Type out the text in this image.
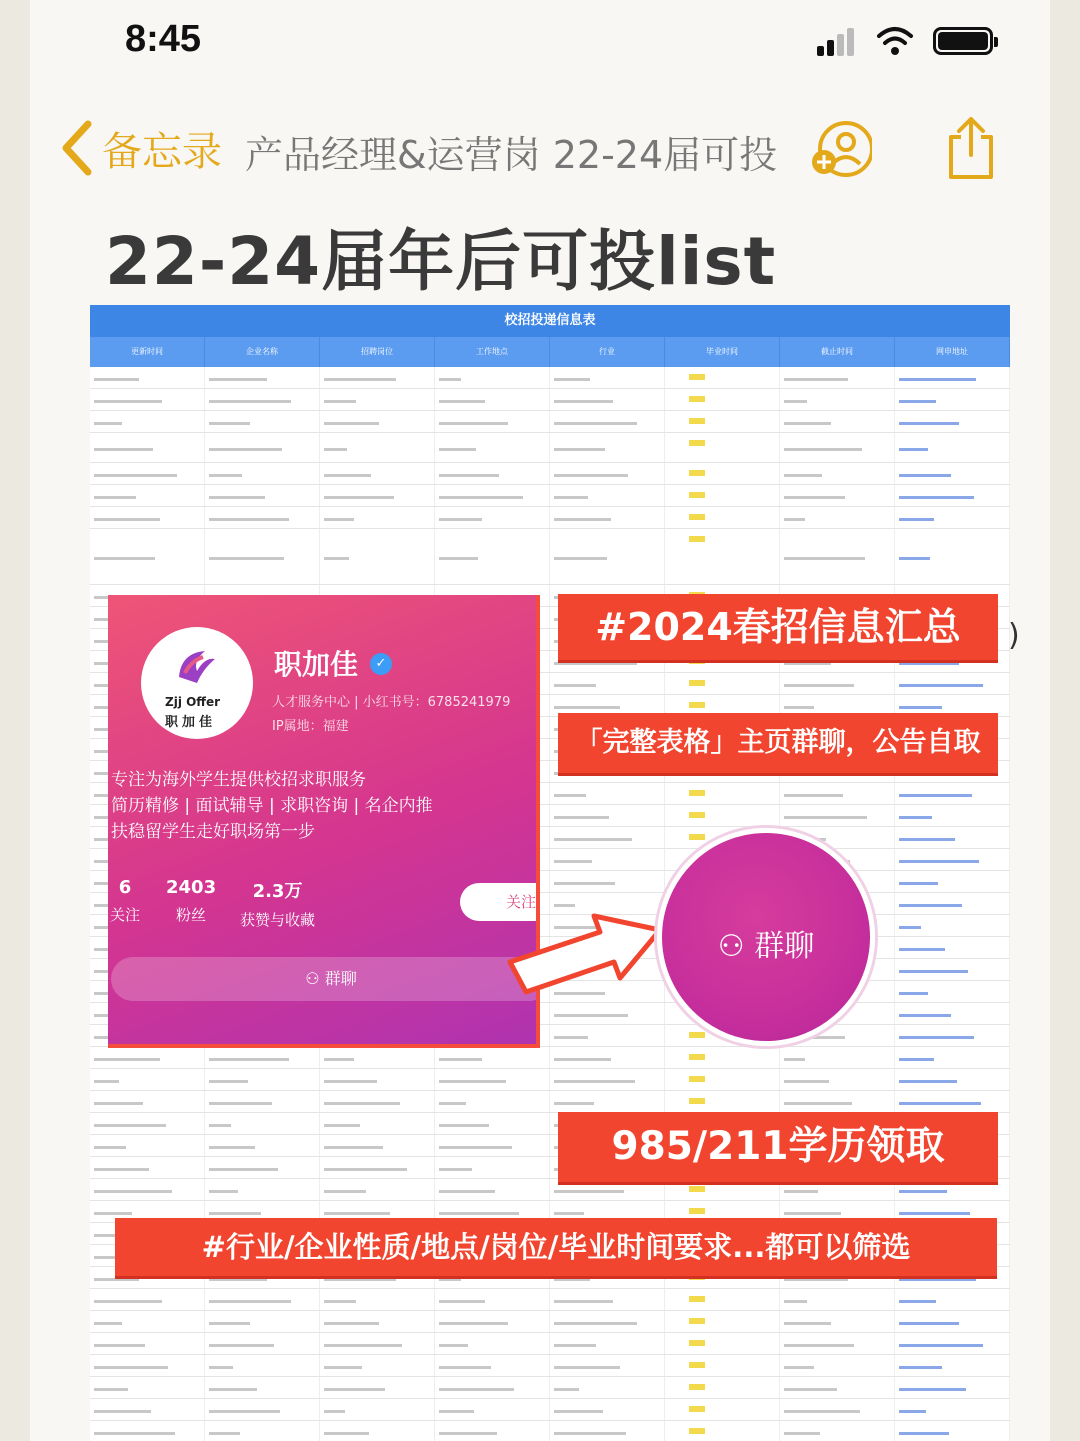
8:45
备忘录 产品经理&运营岗 22-24届可投
22-24届年后可投list
校招投递信息表
更新时间	企业名称	招聘岗位	工作地点	行业	毕业时间	截止时间	网申地址
Zjj Offer
职加佳
职加佳	✓
人才服务中心 | 小红书号：6785241979
IP属地：福建
专注为海外学生提供校招求职服务
简历精修 | 面试辅导 | 求职咨询 | 名企内推
扶稳留学生走好职场第一步
6
关注
2403
粉丝
2.3万
获赞与收藏
关注
⚇ 群聊
#2024春招信息汇总	)
「完整表格」主页群聊，公告自取
⚇ 群聊
985/211学历领取
#行业/企业性质/地点/岗位/毕业时间要求...都可以筛选
